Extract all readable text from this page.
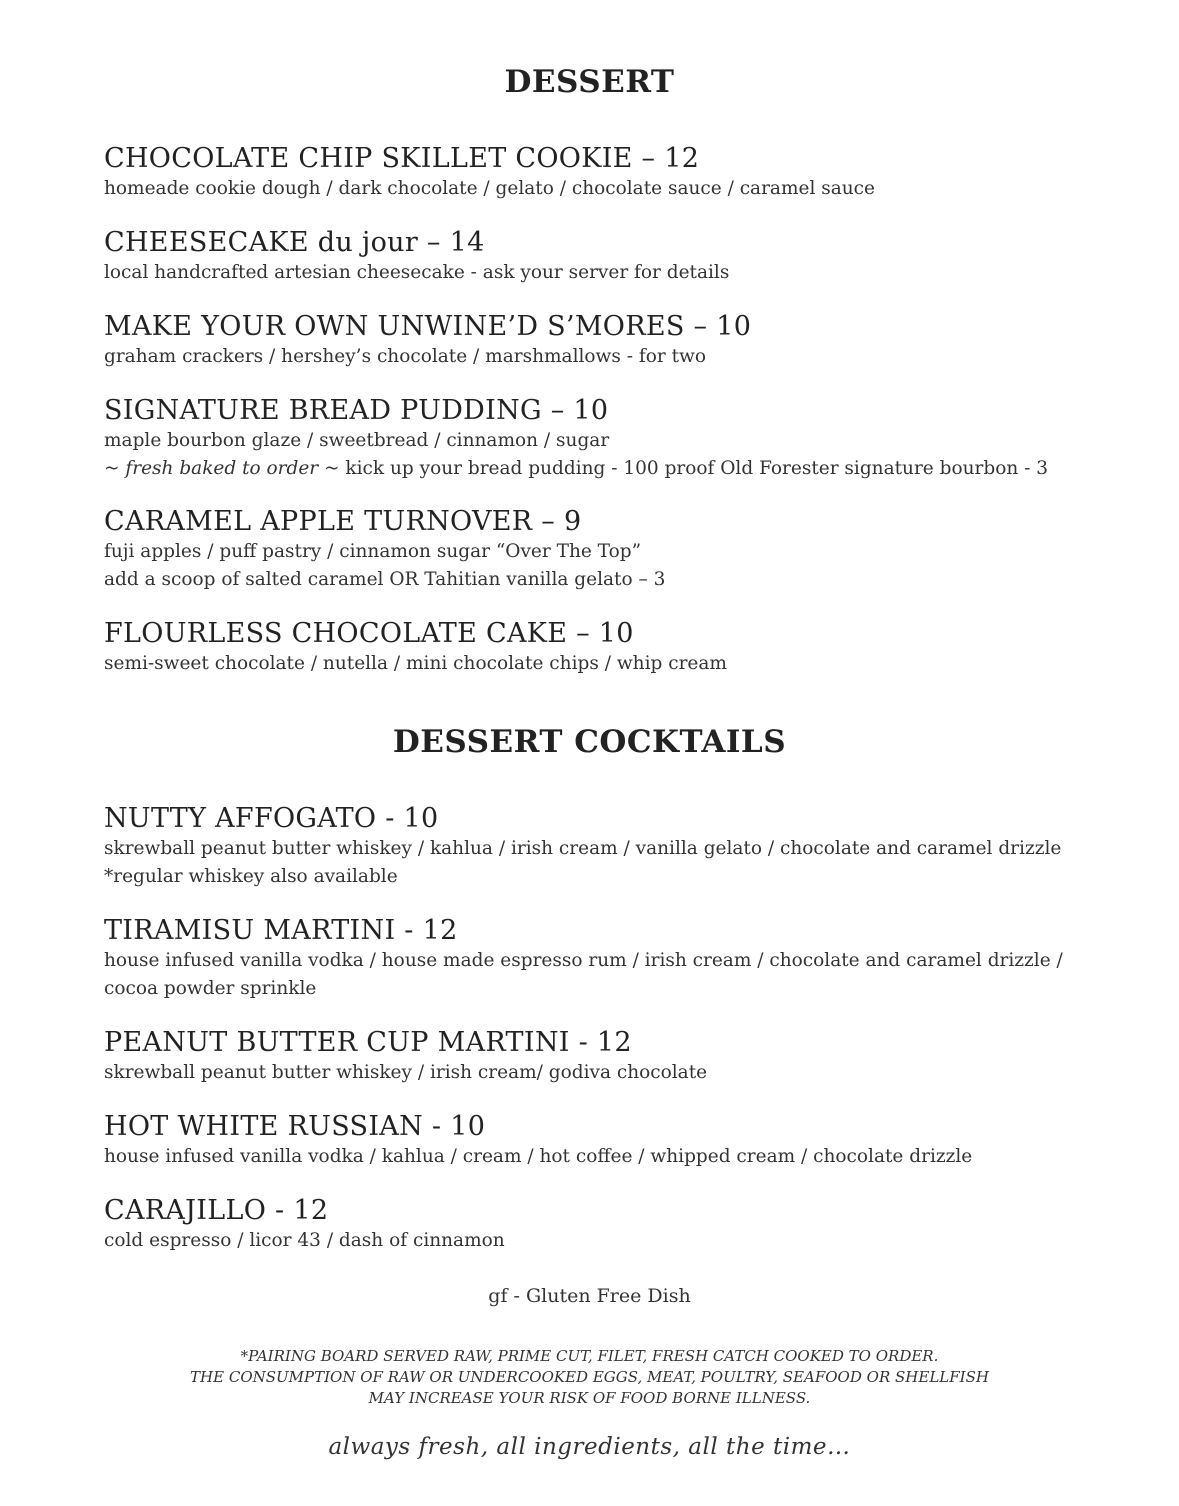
DESSERT
CHOCOLATE CHIP SKILLET COOKIE – 12
homeade cookie dough / dark chocolate / gelato / chocolate sauce / caramel sauce
CHEESECAKE du jour – 14
local handcrafted artesian cheesecake - ask your server for details
MAKE YOUR OWN UNWINE’D S’MORES – 10
graham crackers / hershey’s chocolate / marshmallows - for two
SIGNATURE BREAD PUDDING – 10
maple bourbon glaze / sweetbread / cinnamon / sugar
~ fresh baked to order ~ kick up your bread pudding - 100 proof Old Forester signature bourbon - 3
CARAMEL APPLE TURNOVER – 9
fuji apples / puff pastry / cinnamon sugar “Over The Top”
add a scoop of salted caramel OR Tahitian vanilla gelato – 3
FLOURLESS CHOCOLATE CAKE – 10
semi-sweet chocolate / nutella / mini chocolate chips / whip cream
DESSERT COCKTAILS
NUTTY AFFOGATO - 10
skrewball peanut butter whiskey / kahlua / irish cream / vanilla gelato / chocolate and caramel drizzle
*regular whiskey also available
TIRAMISU MARTINI - 12
house infused vanilla vodka / house made espresso rum / irish cream / chocolate and caramel drizzle / cocoa powder sprinkle
PEANUT BUTTER CUP MARTINI - 12
skrewball peanut butter whiskey / irish cream/ godiva chocolate
HOT WHITE RUSSIAN - 10
house infused vanilla vodka / kahlua / cream / hot coffee / whipped cream / chocolate drizzle
CARAJILLO - 12
cold espresso / licor 43 / dash of cinnamon
gf - Gluten Free Dish
*PAIRING BOARD SERVED RAW, PRIME CUT, FILET, FRESH CATCH COOKED TO ORDER.
THE CONSUMPTION OF RAW OR UNDERCOOKED EGGS, MEAT, POULTRY, SEAFOOD OR SHELLFISH
MAY INCREASE YOUR RISK OF FOOD BORNE ILLNESS.
always fresh, all ingredients, all the time…
